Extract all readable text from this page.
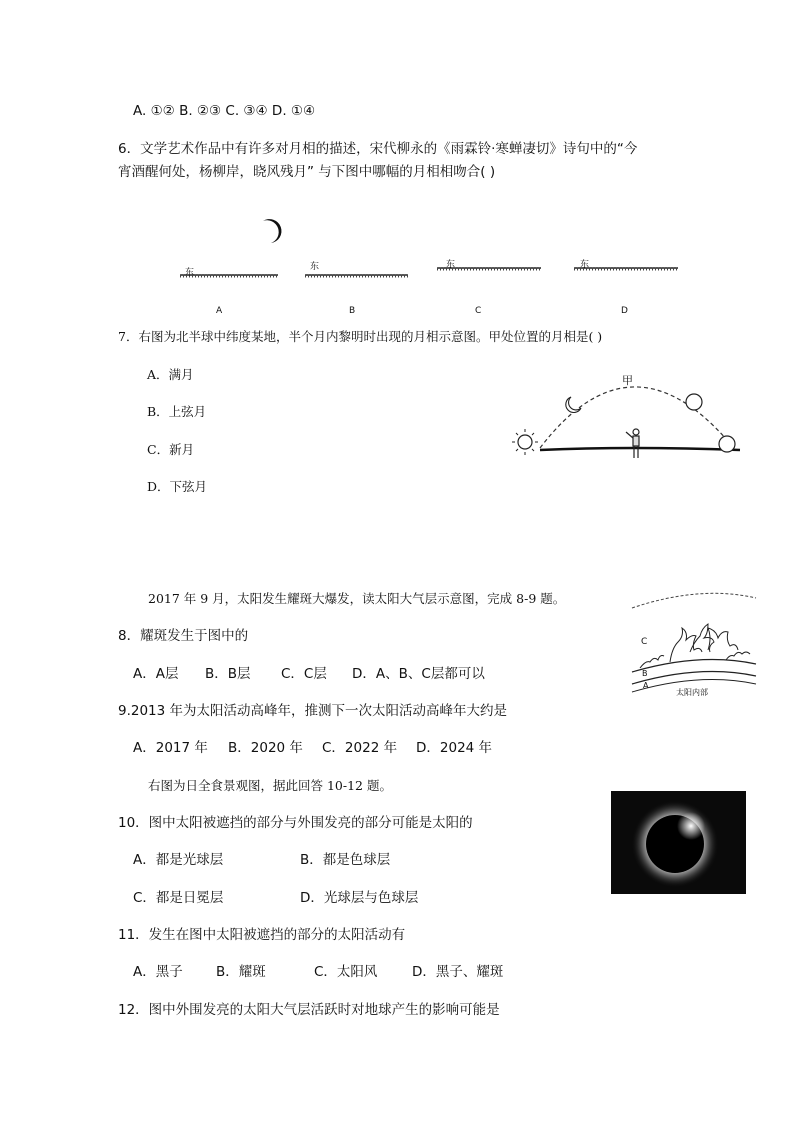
A. ①② B. ②③ C. ③④ D. ①④
6．文学艺术作品中有许多对月相的描述，宋代柳永的《雨霖铃·寒蝉凄切》诗句中的“今
宵酒醒何处，杨柳岸，晓风残月” 与下图中哪幅的月相相吻合( )
东
东	东	东
A	B	C	D
7．右图为北半球中纬度某地，半个月内黎明时出现的月相示意图。甲处位置的月相是( )
A．满月
B．上弦月
C．新月
D．下弦月
甲
2017 年 9 月，太阳发生耀斑大爆发，读太阳大气层示意图，完成 8-9 题。
C
B
A
太阳内部
8．耀斑发生于图中的
A．A层 B．B层 C．C层 D．A、B、C层都可以
9.2013 年为太阳活动高峰年，推测下一次太阳活动高峰年大约是
A．2017 年 B．2020 年 C．2022 年 D．2024 年
右图为日全食景观图，据此回答 10-12 题。
10．图中太阳被遮挡的部分与外围发亮的部分可能是太阳的
A．都是光球层	B．都是色球层
C．都是日冕层	D．光球层与色球层
11．发生在图中太阳被遮挡的部分的太阳活动有
A．黑子 B．耀斑	C．太阳风	D．黑子、耀斑
12．图中外围发亮的太阳大气层活跃时对地球产生的影响可能是
